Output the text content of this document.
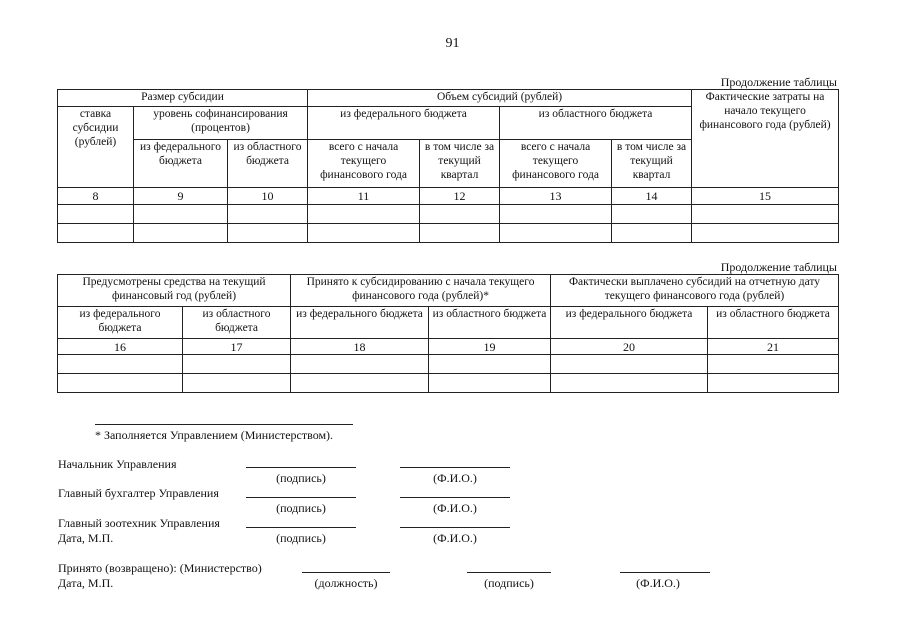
91
Продолжение таблицы
Размер субсидии			Объем субсидий (рублей)				Фактические затраты на начало текущего финансового года (рублей)
ставка субсидии (рублей)	уровень софинансирования (процентов)		из федерального бюджета		из областного бюджета		
	из федерального бюджета	из областного бюджета	всего с начала текущего финансового года	в том числе за текущий квартал	всего с начала текущего финансового года	в том числе за текущий квартал	
8	9	10	11	12	13	14	15

Продолжение таблицы
Предусмотрены средства на текущий финансовый год (рублей)		Принято к субсидированию с начала текущего финансового года (рублей)*		Фактически выплачено субсидий на отчетную дату текущего финансового года (рублей)	
из федерального бюджета	из областного бюджета	из федерального бюджета	из областного бюджета	из федерального бюджета	из областного бюджета
16	17	18	19	20	21

* Заполняется Управлением (Министерством).
Начальник Управления
(подпись)	(Ф.И.О.)
Главный бухгалтер Управления
(подпись)	(Ф.И.О.)
Главный зоотехник Управления
Дата, М.П.	(подпись)	(Ф.И.О.)
Принято (возвращено): (Министерство)
Дата, М.П.	(должность)	(подпись)	(Ф.И.О.)
